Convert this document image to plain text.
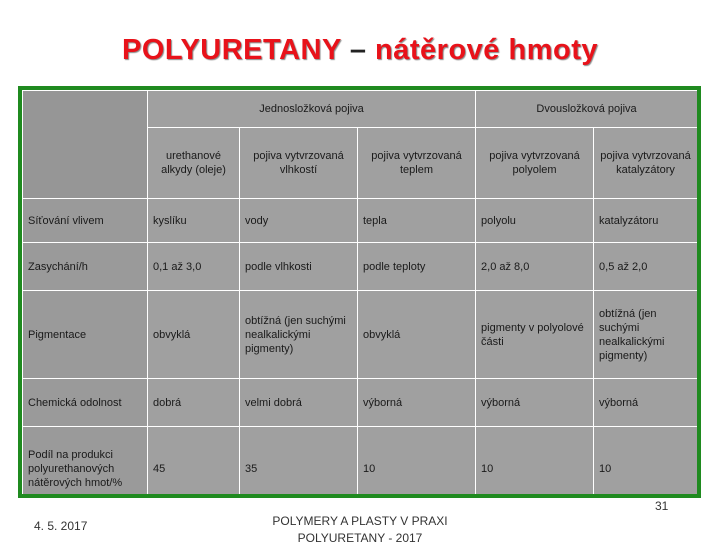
POLYURETANY – nátěrové hmoty
	Jednosložková pojiva			Dvousložková pojiva	
	urethanové alkydy (oleje)	pojiva vytvrzovaná vlhkostí	pojiva vytvrzovaná teplem	pojiva vytvrzovaná polyolem	pojiva vytvrzovaná katalyzátory
Síťování vlivem	kyslíku	vody	tepla	polyolu	katalyzátoru
Zasychání/h	0,1 až 3,0	podle vlhkosti	podle teploty	2,0 až 8,0	0,5 až 2,0
Pigmentace	obvyklá	obtížná (jen suchými nealkalickými pigmenty)	obvyklá	pigmenty v polyolové části	obtížná (jen suchými nealkalickými pigmenty)
Chemická odolnost	dobrá	velmi dobrá	výborná	výborná	výborná
Podíl na produkci polyurethanových nátěrových hmot/%	45	35	10	10	10
4. 5. 2017	POLYMERY A PLASTY V PRAXI
POLYURETANY - 2017
31
